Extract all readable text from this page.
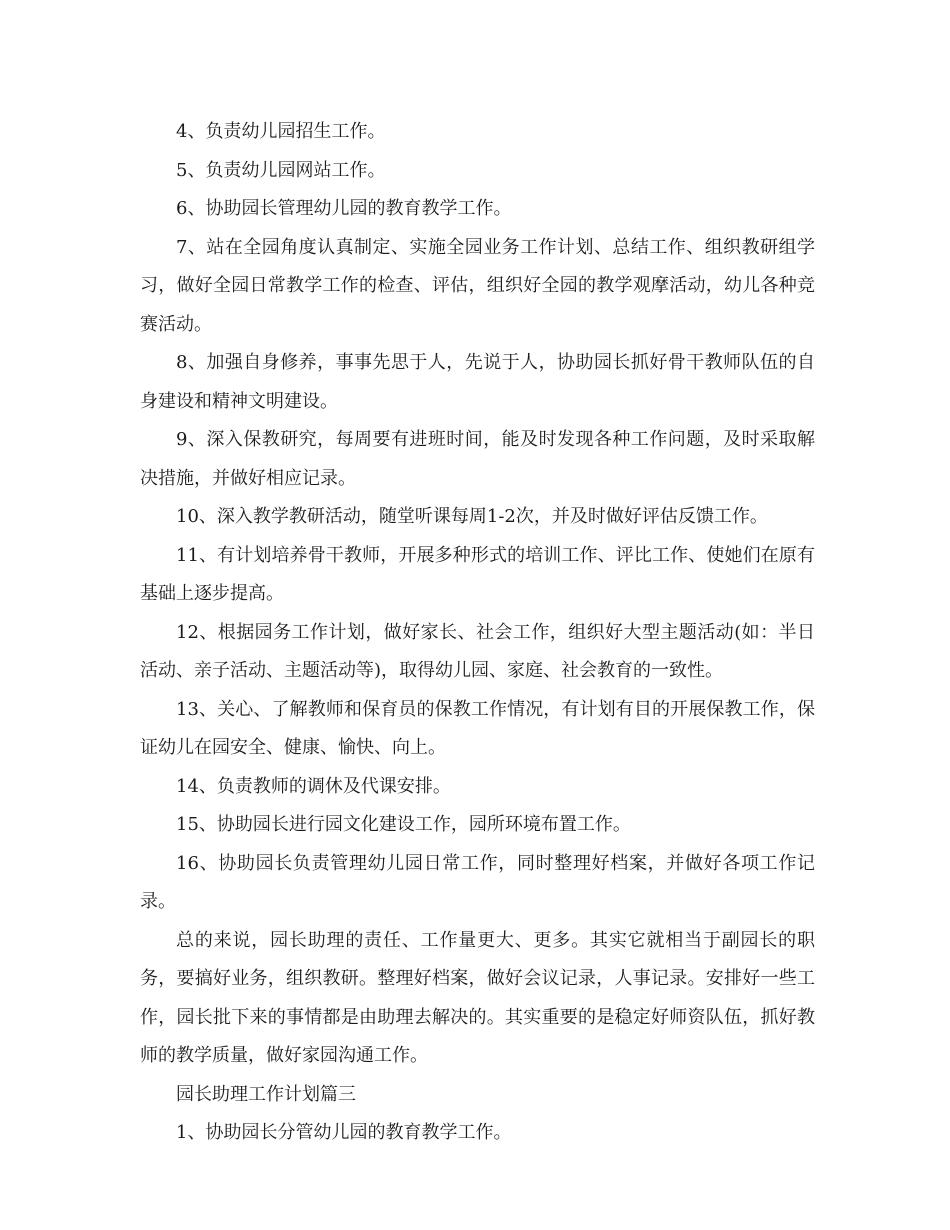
4、负责幼儿园招生工作。

5、负责幼儿园网站工作。

6、协助园长管理幼儿园的教育教学工作。

7、站在全园角度认真制定、实施全园业务工作计划、总结工作、组织教研组学习，做好全园日常教学工作的检查、评估，组织好全园的教学观摩活动，幼儿各种竞赛活动。

8、加强自身修养，事事先思于人，先说于人，协助园长抓好骨干教师队伍的自身建设和精神文明建设。

9、深入保教研究，每周要有进班时间，能及时发现各种工作问题，及时采取解决措施，并做好相应记录。

10、深入教学教研活动，随堂听课每周1-2次，并及时做好评估反馈工作。

11、有计划培养骨干教师，开展多种形式的培训工作、评比工作、使她们在原有基础上逐步提高。

12、根据园务工作计划，做好家长、社会工作，组织好大型主题活动(如：半日活动、亲子活动、主题活动等)，取得幼儿园、家庭、社会教育的一致性。

13、关心、了解教师和保育员的保教工作情况，有计划有目的开展保教工作，保证幼儿在园安全、健康、愉快、向上。

14、负责教师的调休及代课安排。

15、协助园长进行园文化建设工作，园所环境布置工作。

16、协助园长负责管理幼儿园日常工作，同时整理好档案，并做好各项工作记录。

总的来说，园长助理的责任、工作量更大、更多。其实它就相当于副园长的职务，要搞好业务，组织教研。整理好档案，做好会议记录，人事记录。安排好一些工作，园长批下来的事情都是由助理去解决的。其实重要的是稳定好师资队伍，抓好教师的教学质量，做好家园沟通工作。

园长助理工作计划篇三

1、协助园长分管幼儿园的教育教学工作。
